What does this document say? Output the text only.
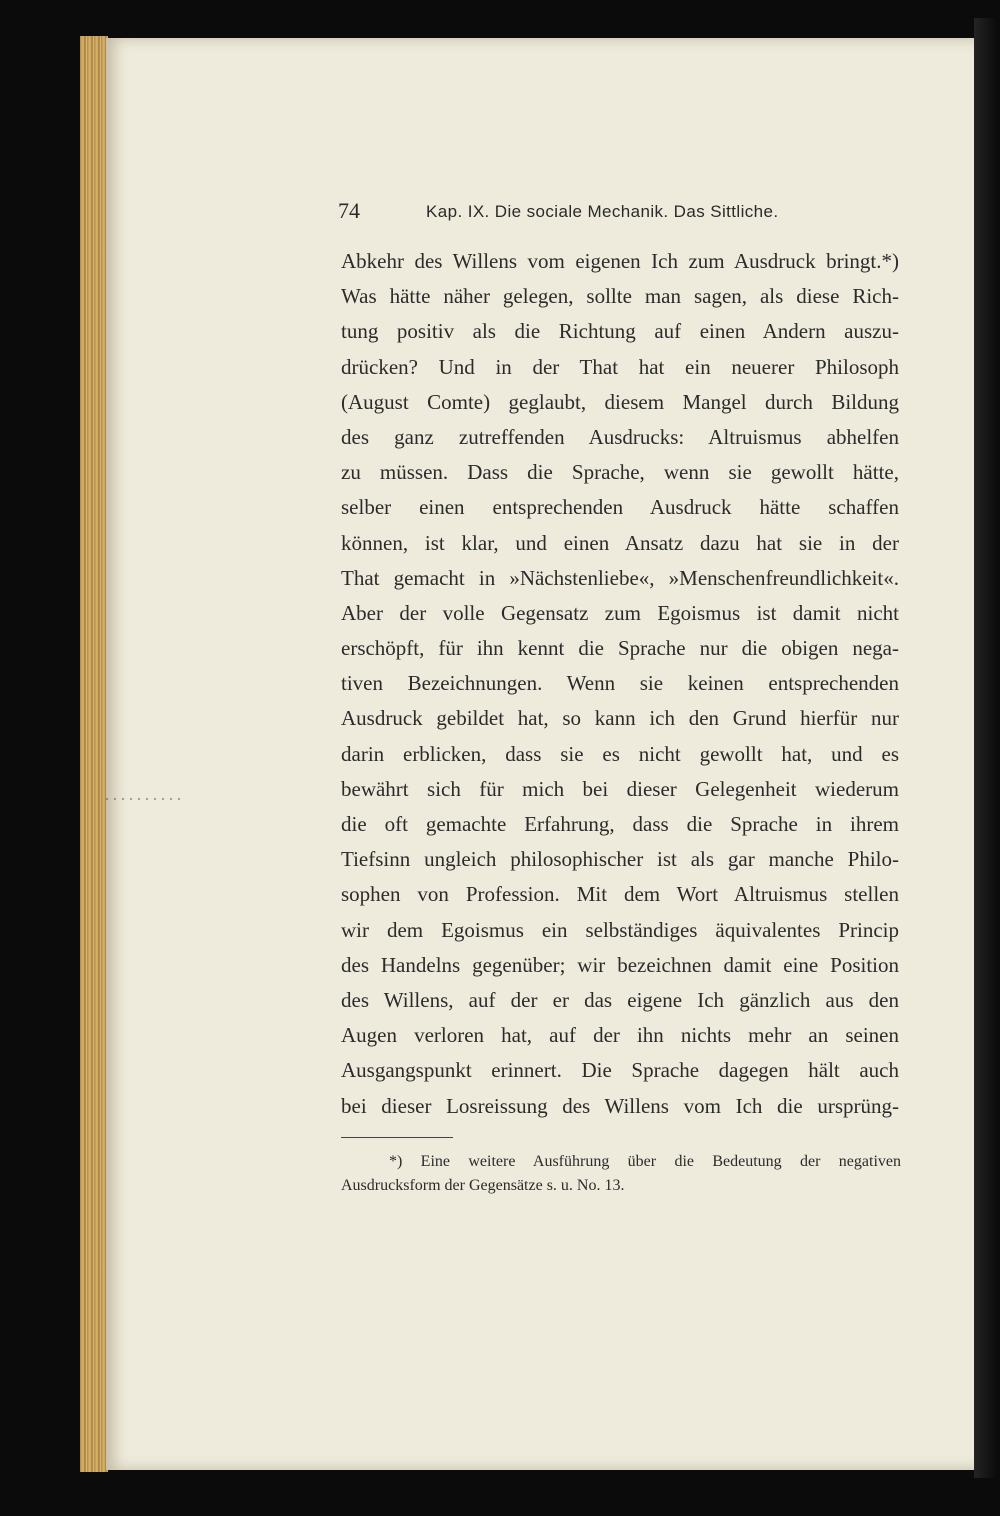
74	Kap. IX. Die sociale Mechanik. Das Sittliche.
Abkehr des Willens vom eigenen Ich zum Ausdruck bringt.*)
Was hätte näher gelegen, sollte man sagen, als diese Rich-
tung positiv als die Richtung auf einen Andern auszu-
drücken? Und in der That hat ein neuerer Philosoph
(August Comte) geglaubt, diesem Mangel durch Bildung
des ganz zutreffenden Ausdrucks: Altruismus abhelfen
zu müssen. Dass die Sprache, wenn sie gewollt hätte,
selber einen entsprechenden Ausdruck hätte schaffen
können, ist klar, und einen Ansatz dazu hat sie in der
That gemacht in »Nächstenliebe«, »Menschenfreundlichkeit«.
Aber der volle Gegensatz zum Egoismus ist damit nicht
erschöpft, für ihn kennt die Sprache nur die obigen nega-
tiven Bezeichnungen. Wenn sie keinen entsprechenden
Ausdruck gebildet hat, so kann ich den Grund hierfür nur
darin erblicken, dass sie es nicht gewollt hat, und es
bewährt sich für mich bei dieser Gelegenheit wiederum
die oft gemachte Erfahrung, dass die Sprache in ihrem
Tiefsinn ungleich philosophischer ist als gar manche Philo-
sophen von Profession. Mit dem Wort Altruismus stellen
wir dem Egoismus ein selbständiges äquivalentes Princip
des Handelns gegenüber; wir bezeichnen damit eine Position
des Willens, auf der er das eigene Ich gänzlich aus den
Augen verloren hat, auf der ihn nichts mehr an seinen
Ausgangspunkt erinnert. Die Sprache dagegen hält auch
bei dieser Losreissung des Willens vom Ich die ursprüng-
*) Eine weitere Ausführung über die Bedeutung der negativen
Ausdrucksform der Gegensätze s. u. No. 13.
